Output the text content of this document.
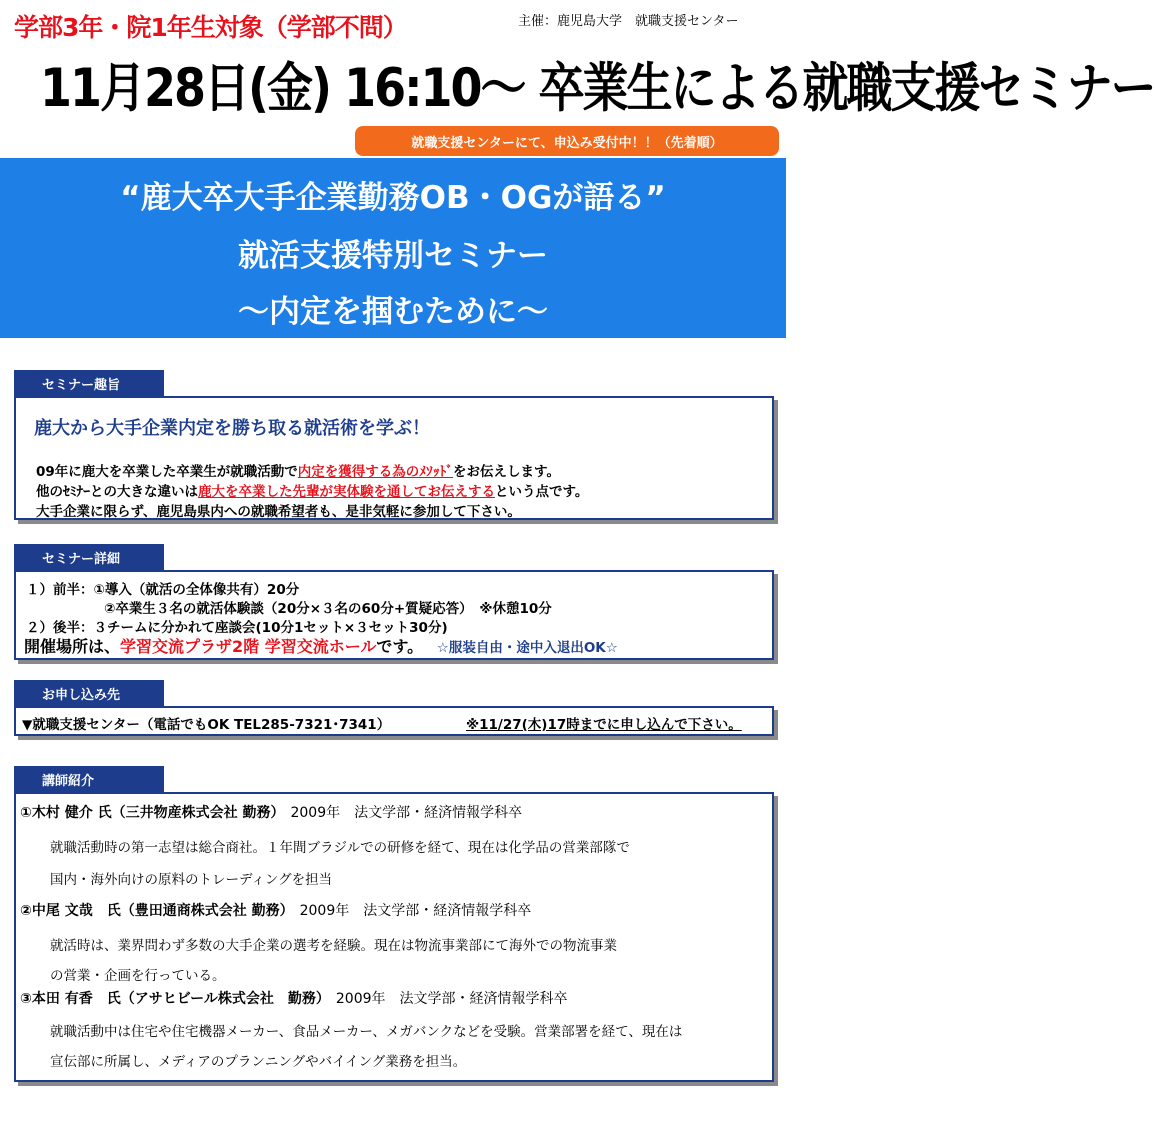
学部3年・院1年生対象（学部不問）	主催：鹿児島大学　就職支援センター
11月28日(金) 16:10～ 卒業生による就職支援セミナー
就職支援センターにて、申込み受付中！！（先着順）
“鹿大卒大手企業勤務OB・OGが語る”
就活支援特別セミナー
～内定を掴むために～
セミナー趣旨
鹿大から大手企業内定を勝ち取る就活術を学ぶ！
09年に鹿大を卒業した卒業生が就職活動で内定を獲得する為のﾒｿｯﾄﾞをお伝えします。
他のｾﾐﾅｰとの大きな違いは鹿大を卒業した先輩が実体験を通してお伝えするという点です。
大手企業に限らず、鹿児島県内への就職希望者も、是非気軽に参加して下さい。
セミナー詳細
１）前半：①導入（就活の全体像共有）20分
②卒業生３名の就活体験談（20分×３名の60分+質疑応答）　※休憩10分
２）後半：３チームに分かれて座談会(10分1セット×３セット30分)
開催場所は、学習交流プラザ2階 学習交流ホールです。 ☆服装自由・途中入退出OK☆
お申し込み先
▼就職支援センター（電話でもOK TEL285-7321･7341）	※11/27(木)17時までに申し込んで下さい。
講師紹介
①木村 健介 氏（三井物産株式会社 勤務） 2009年　法文学部・経済情報学科卒
就職活動時の第一志望は総合商社。１年間ブラジルでの研修を経て、現在は化学品の営業部隊で
国内・海外向けの原料のトレーディングを担当
②中尾 文哉　氏（豊田通商株式会社 勤務） 2009年　法文学部・経済情報学科卒
就活時は、業界問わず多数の大手企業の選考を経験。現在は物流事業部にて海外での物流事業
の営業・企画を行っている。
③本田 有香　氏（アサヒビール株式会社　勤務） 2009年　法文学部・経済情報学科卒
就職活動中は住宅や住宅機器メーカー、食品メーカー、メガバンクなどを受験。営業部署を経て、現在は
宣伝部に所属し、メディアのプランニングやバイイング業務を担当。
